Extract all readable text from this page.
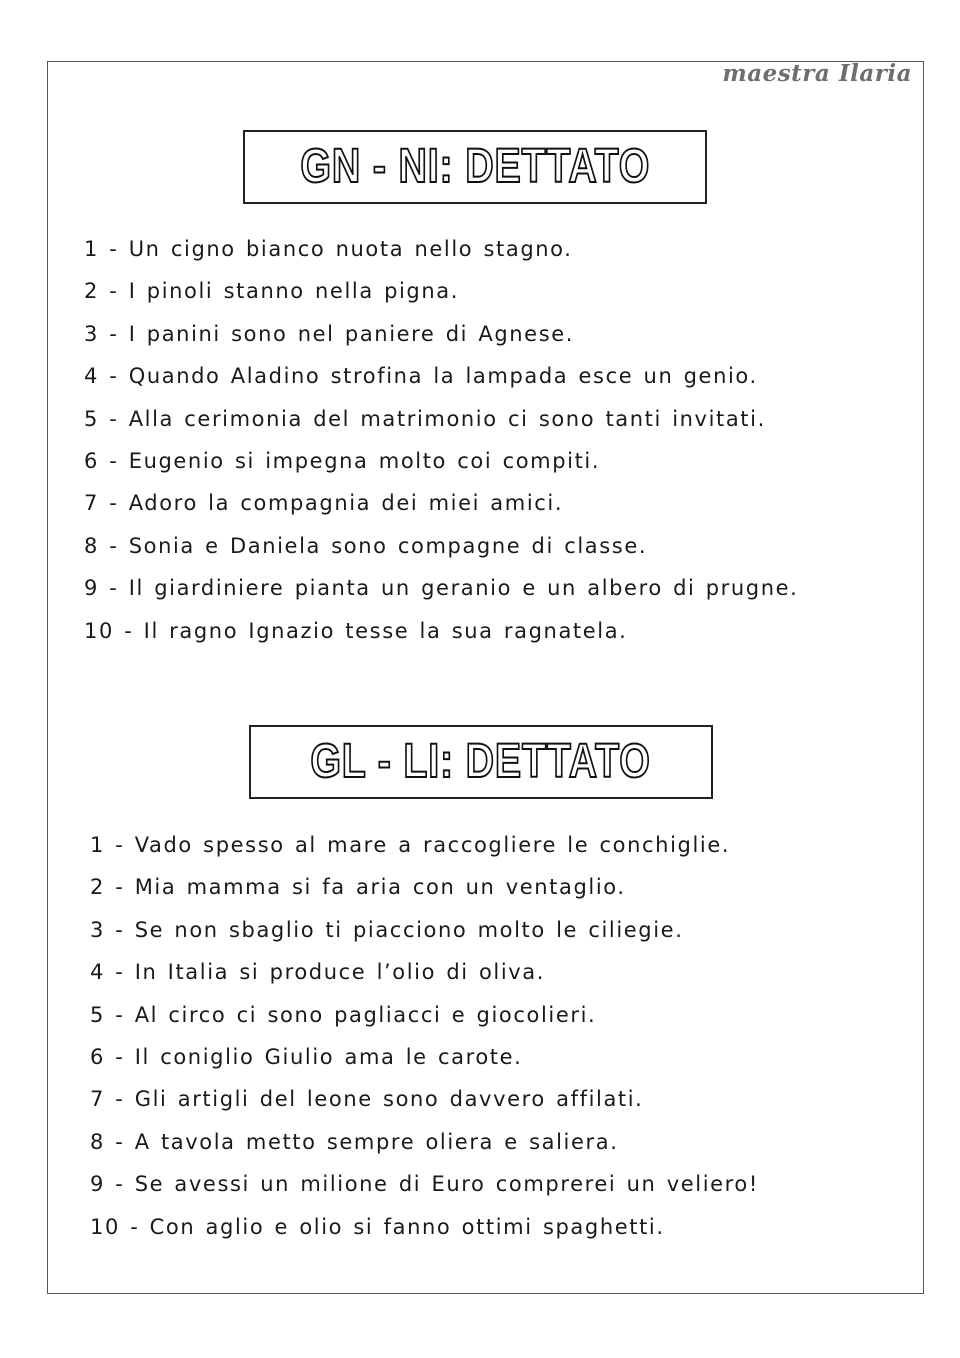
maestra Ilaria
GN - NI: DETTATO
1 - Un cigno bianco nuota nello stagno.
2 - I pinoli stanno nella pigna.
3 - I panini sono nel paniere di Agnese.
4 - Quando Aladino strofina la lampada esce un genio.
5 - Alla cerimonia del matrimonio ci sono tanti invitati.
6 - Eugenio si impegna molto coi compiti.
7 - Adoro la compagnia dei miei amici.
8 - Sonia e Daniela sono compagne di classe.
9 - Il giardiniere pianta un geranio e un albero di prugne.
10 - Il ragno Ignazio tesse la sua ragnatela.
GL - LI: DETTATO
1 - Vado spesso al mare a raccogliere le conchiglie.
2 - Mia mamma si fa aria con un ventaglio.
3 - Se non sbaglio ti piacciono molto le ciliegie.
4 - In Italia si produce l’olio di oliva.
5 - Al circo ci sono pagliacci e giocolieri.
6 - Il coniglio Giulio ama le carote.
7 - Gli artigli del leone sono davvero affilati.
8 - A tavola metto sempre oliera e saliera.
9 - Se avessi un milione di Euro comprerei un veliero!
10 - Con aglio e olio si fanno ottimi spaghetti.
